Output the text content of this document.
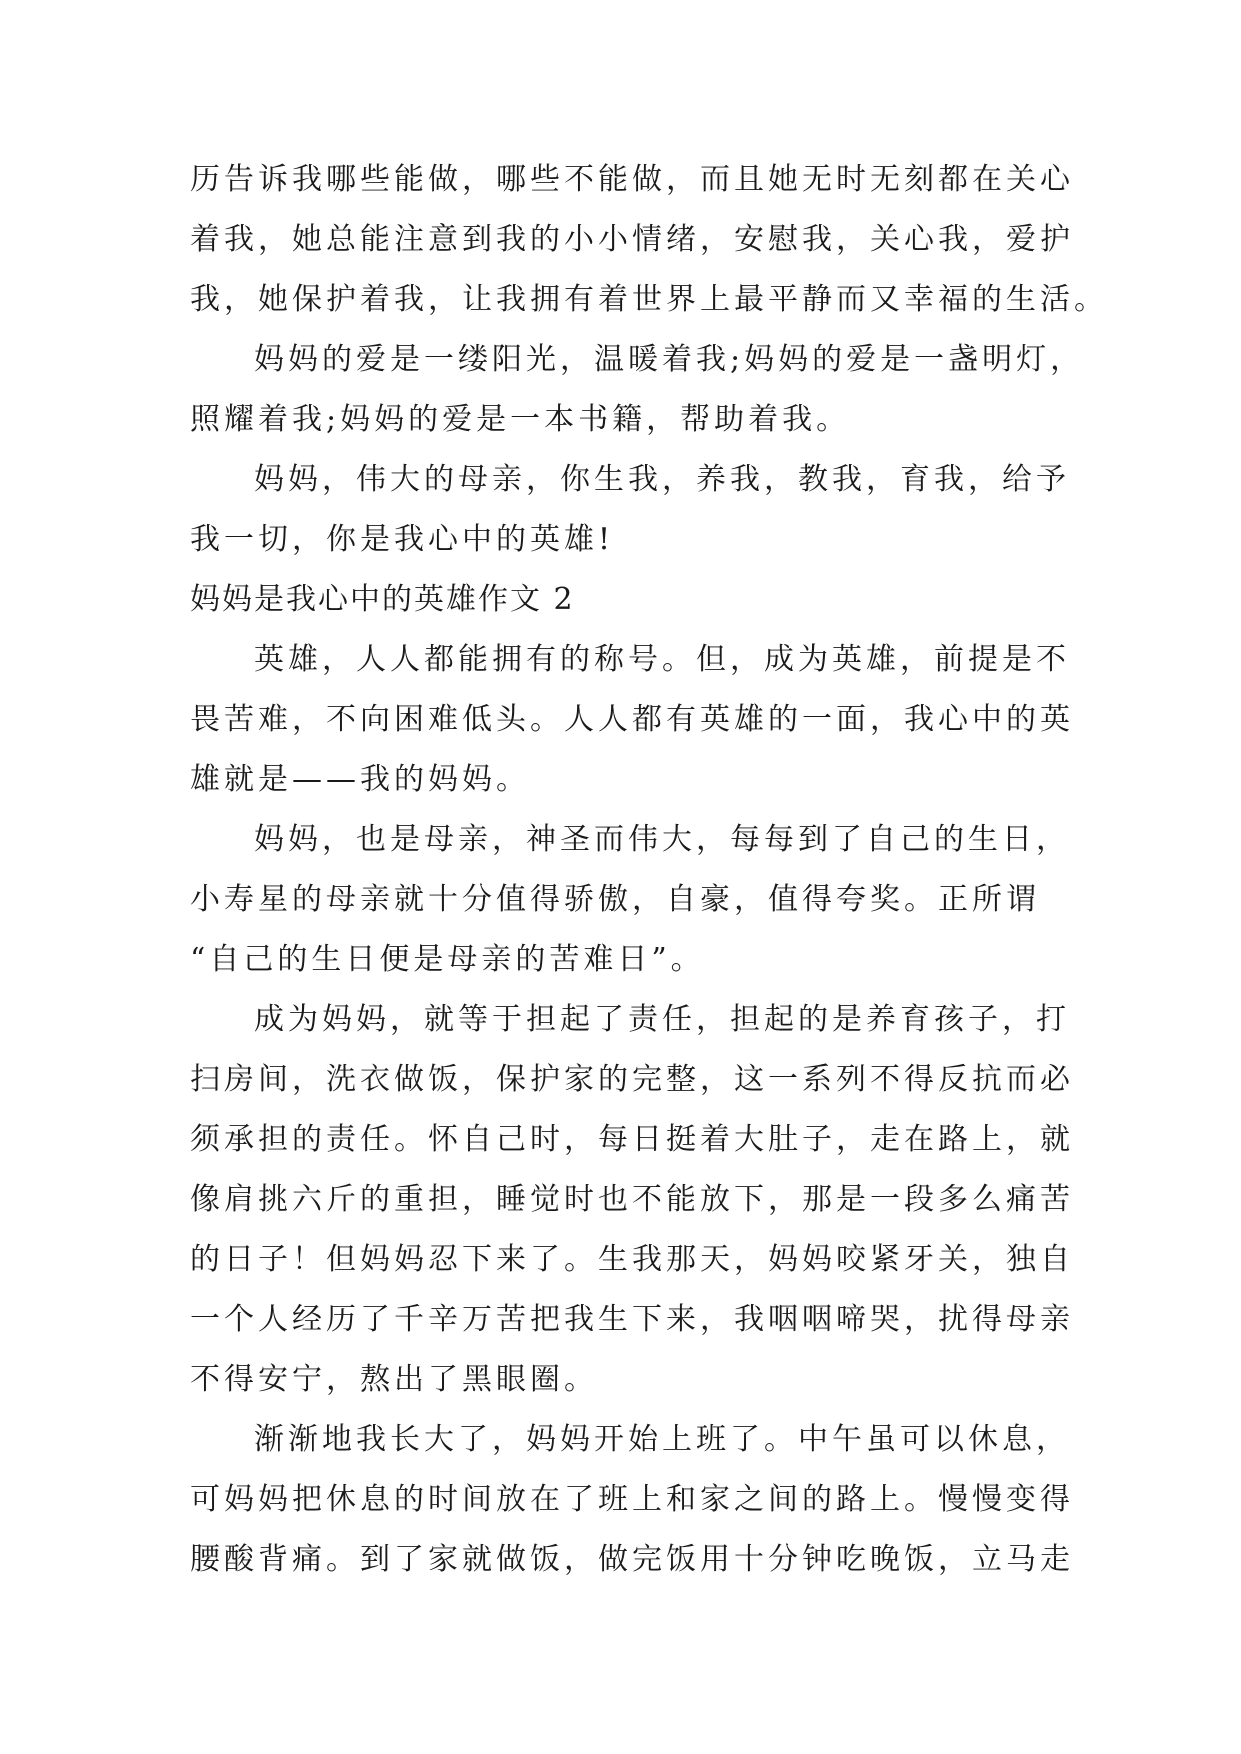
历告诉我哪些能做，哪些不能做，而且她无时无刻都在关心
着我，她总能注意到我的小小情绪，安慰我，关心我，爱护
我，她保护着我，让我拥有着世界上最平静而又幸福的生活。
妈妈的爱是一缕阳光，温暖着我;妈妈的爱是一盏明灯，
照耀着我;妈妈的爱是一本书籍，帮助着我。
妈妈，伟大的母亲，你生我，养我，教我，育我，给予
我一切，你是我心中的英雄!
妈妈是我心中的英雄作文 2
英雄，人人都能拥有的称号。但，成为英雄，前提是不
畏苦难，不向困难低头。人人都有英雄的一面，我心中的英
雄就是——我的妈妈。
妈妈，也是母亲，神圣而伟大，每每到了自己的生日，
小寿星的母亲就十分值得骄傲，自豪，值得夸奖。正所谓
“自己的生日便是母亲的苦难日”。
成为妈妈，就等于担起了责任，担起的是养育孩子，打
扫房间，洗衣做饭，保护家的完整，这一系列不得反抗而必
须承担的责任。怀自己时，每日挺着大肚子，走在路上，就
像肩挑六斤的重担，睡觉时也不能放下，那是一段多么痛苦
的日子！但妈妈忍下来了。生我那天，妈妈咬紧牙关，独自
一个人经历了千辛万苦把我生下来，我咽咽啼哭，扰得母亲
不得安宁，熬出了黑眼圈。
渐渐地我长大了，妈妈开始上班了。中午虽可以休息，
可妈妈把休息的时间放在了班上和家之间的路上。慢慢变得
腰酸背痛。到了家就做饭，做完饭用十分钟吃晚饭，立马走
